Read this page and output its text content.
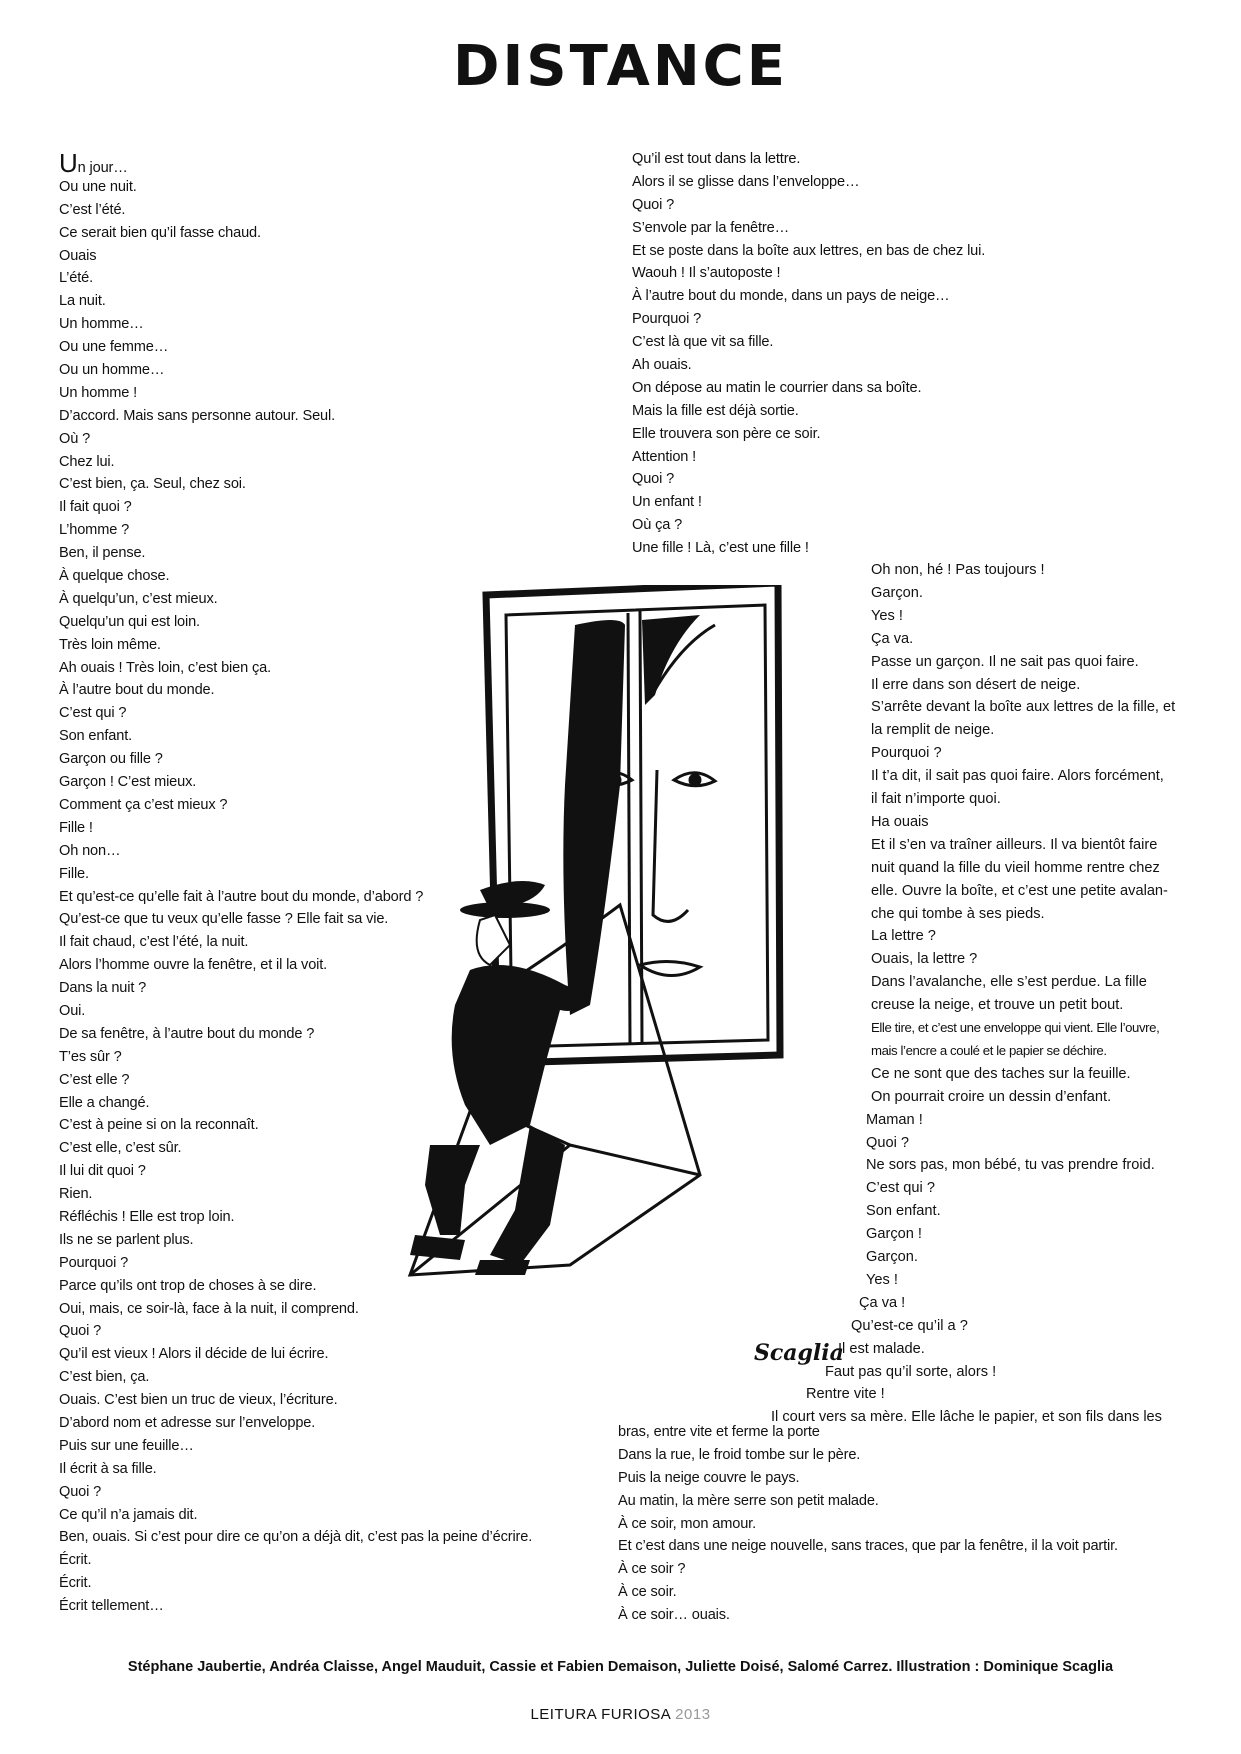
DISTANCE
Un jour…
Ou une nuit.
C’est l’été.
Ce serait bien qu’il fasse chaud.
Ouais
L’été.
La nuit.
Un homme…
Ou une femme…
Ou un homme…
Un homme !
D’accord. Mais sans personne autour. Seul.
Où ?
Chez lui.
C’est bien, ça. Seul, chez soi.
Il fait quoi ?
L’homme ?
Ben, il pense.
À quelque chose.
À quelqu’un, c’est mieux.
Quelqu’un qui est loin.
Très loin même.
Ah ouais ! Très loin, c’est bien ça.
À l’autre bout du monde.
C’est qui ?
Son enfant.
Garçon ou fille ?
Garçon ! C’est mieux.
Comment ça c’est mieux ?
Fille !
Oh non…
Fille.
Et qu’est-ce qu’elle fait à l’autre bout du monde, d’abord ?
Qu’est-ce que tu veux qu’elle fasse ? Elle fait sa vie.
Il fait chaud, c’est l’été, la nuit.
Alors l’homme ouvre la fenêtre, et il la voit.
Dans la nuit ?
Oui.
De sa fenêtre, à l’autre bout du monde ?
T’es sûr ?
C’est elle ?
Elle a changé.
C’est à peine si on la reconnaît.
C’est elle, c’est sûr.
Il lui dit quoi ?
Rien.
Réfléchis ! Elle est trop loin.
Ils ne se parlent plus.
Pourquoi ?
Parce qu’ils ont trop de choses à se dire.
Oui, mais, ce soir-là, face à la nuit, il comprend.
Quoi ?
Qu’il est vieux ! Alors il décide de lui écrire.
C’est bien, ça.
Ouais. C’est bien un truc de vieux, l’écriture.
D’abord nom et adresse sur l’enveloppe.
Puis sur une feuille…
Il écrit à sa fille.
Quoi ?
Ce qu’il n’a jamais dit.
Ben, ouais. Si c’est pour dire ce qu’on a déjà dit, c’est pas la peine d’écrire.
Écrit.
Écrit.
Écrit tellement…
Qu’il est tout dans la lettre.
Alors il se glisse dans l’enveloppe…
Quoi ?
S’envole par la fenêtre…
Et se poste dans la boîte aux lettres, en bas de chez lui.
Waouh ! Il s’autoposte !
À l’autre bout du monde, dans un pays de neige…
Pourquoi ?
C’est là que vit sa fille.
Ah ouais.
On dépose au matin le courrier dans sa boîte.
Mais la fille est déjà sortie.
Elle trouvera son père ce soir.
Attention !
Quoi ?
Un enfant !
Où ça ?
Une fille ! Là, c’est une fille !
Oh non, hé ! Pas toujours !
Garçon.
Yes !
Ça va.
Passe un garçon. Il ne sait pas quoi faire.
Il erre dans son désert de neige.
S’arrête devant la boîte aux lettres de la fille, et
la remplit de neige.
Pourquoi ?
Il t’a dit, il sait pas quoi faire. Alors forcément,
il fait n’importe quoi.
Ha ouais
Et il s’en va traîner ailleurs. Il va bientôt faire
nuit quand la fille du vieil homme rentre chez
elle. Ouvre la boîte, et c’est une petite avalan-
che qui tombe à ses pieds.
La lettre ?
Ouais, la lettre ?
Dans l’avalanche, elle s’est perdue. La fille
creuse la neige, et trouve un petit bout.
Elle tire, et c’est une enveloppe qui vient. Elle l’ouvre,
mais l’encre a coulé et le papier se déchire.
Ce ne sont que des taches sur la feuille.
On pourrait croire un dessin d’enfant.
Maman !
Quoi ?
Ne sors pas, mon bébé, tu vas prendre froid.
C’est qui ?
Son enfant.
Garçon !
Garçon.
Yes !
Ça va !
Qu’est-ce qu’il a ?
Il est malade.
Faut pas qu’il sorte, alors !
Rentre vite !
Il court vers sa mère. Elle lâche le papier, et son fils dans les
bras, entre vite et ferme la porte
Dans la rue, le froid tombe sur le père.
Puis la neige couvre le pays.
Au matin, la mère serre son petit malade.
À ce soir, mon amour.
Et c’est dans une neige nouvelle, sans traces, que par la fenêtre, il la voit partir.
À ce soir ?
À ce soir.
À ce soir… ouais.
Scaglia
Stéphane Jaubertie, Andréa Claisse, Angel Mauduit, Cassie et Fabien Demaison, Juliette Doisé, Salomé Carrez. Illustration : Dominique Scaglia
LEITURA FURIOSA 2013
